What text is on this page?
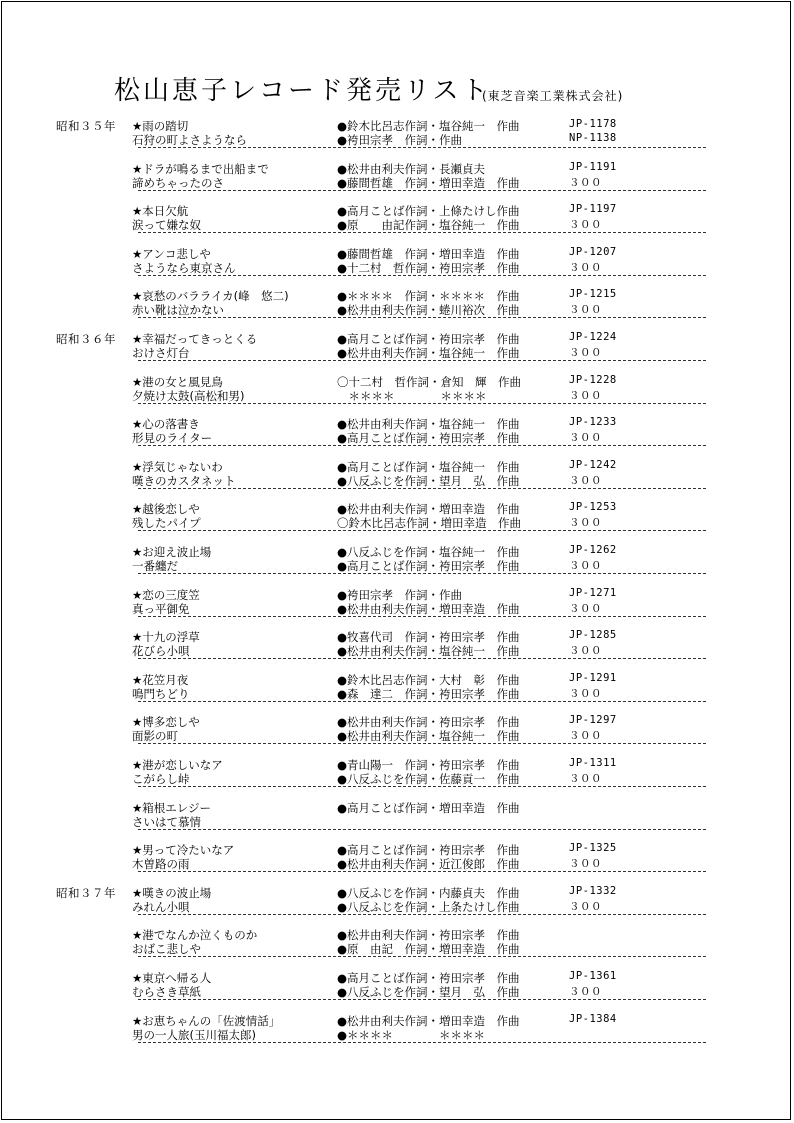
松山恵子レコード発売リスト
(東芝音楽工業株式会社)
昭和３５年 ★雨の踏切	●鈴木比呂志作詞・塩谷純一　作曲	JP-1178
石狩の町よさようなら	●袴田宗孝　作詞・作曲	NP-1138
★ドラが鳴るまで出船まで	●松井由利夫作詞・長瀬貞夫	JP-1191
諦めちゃったのさ	●藤間哲雄　作詞・増田幸造　作曲	３００
★本日欠航	●高月ことば作詞・上條たけし作曲	JP-1197
涙って嫌な奴	●原　　由記作詞・塩谷純一　作曲	３００
★アンコ悲しや	●藤間哲雄　作詞・増田幸造　作曲	JP-1207
さようなら東京さん	●十二村　哲作詞・袴田宗孝　作曲	３００
★哀愁のバラライカ(峰　悠二)	●＊＊＊＊　作詞・＊＊＊＊　作曲	JP-1215
赤い靴は泣かない	●松井由利夫作詞・蜷川裕次　作曲	３００
昭和３６年 ★幸福だってきっとくる	●高月ことば作詞・袴田宗孝　作曲	JP-1224
おけさ灯台	●松井由利夫作詞・塩谷純一　作曲	３００
★港の女と風見鳥	〇十二村　哲作詞・倉知　輝　作曲	JP-1228
夕焼け太鼓(高松和男)	　＊＊＊＊　　　　＊＊＊＊	３００
★心の落書き	●松井由利夫作詞・塩谷純一　作曲	JP-1233
形見のライター	●高月ことば作詞・袴田宗孝　作曲	３００
★浮気じゃないわ	●高月ことば作詞・塩谷純一　作曲	JP-1242
嘆きのカスタネット	●八反ふじを作詞・望月　弘　作曲	３００
★越後恋しや	●松井由利夫作詞・増田幸造　作曲	JP-1253
残したパイプ	〇鈴木比呂志作詞・増田幸造　作曲	３００
★お迎え波止場	●八反ふじを作詞・塩谷純一　作曲	JP-1262
一番纏だ	●高月ことば作詞・袴田宗孝　作曲	３００
★恋の三度笠	●袴田宗孝　作詞・作曲	JP-1271
真っ平御免	●松井由利夫作詞・増田幸造　作曲	３００
★十九の浮草	●牧喜代司　作詞・袴田宗孝　作曲	JP-1285
花びら小唄	●松井由利夫作詞・塩谷純一　作曲	３００
★花笠月夜	●鈴木比呂志作詞・大村　彰　作曲	JP-1291
鳴門ちどり	●森　達二　作詞・袴田宗孝　作曲	３００
★博多恋しや	●松井由利夫作詞・袴田宗孝　作曲	JP-1297
面影の町	●松井由利夫作詞・塩谷純一　作曲	３００
★港が恋しいなア	●青山陽一　作詞・袴田宗孝　作曲	JP-1311
こがらし峠	●八反ふじを作詞・佐藤貢一　作曲	３００
★箱根エレジー	●高月ことば作詞・増田幸造　作曲
さいはて慕情
★男って冷たいなア	●高月ことば作詞・袴田宗孝　作曲	JP-1325
木曽路の雨	●松井由利夫作詞・近江俊郎　作曲	３００
昭和３７年 ★嘆きの波止場	●八反ふじを作詞・内藤貞夫　作曲	JP-1332
みれん小唄	●八反ふじを作詞・上条たけし作曲	３００
★港でなんか泣くものか	●松井由利夫作詞・袴田宗孝　作曲
おばこ悲しや	●原　由記　作詞・増田幸造　作曲
★東京へ帰る人	●高月ことば作詞・袴田宗孝　作曲	JP-1361
むらさき草紙	●八反ふじを作詞・望月　弘　作曲	３００
★お恵ちゃんの「佐渡情話」	●松井由利夫作詞・増田幸造　作曲	JP-1384
男の一人旅(玉川福太郎)	●＊＊＊＊　　　　＊＊＊＊
